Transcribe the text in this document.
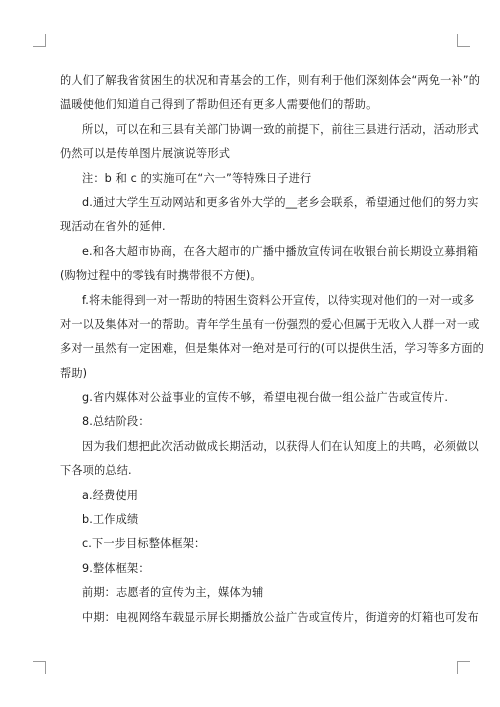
的人们了解我省贫困生的状况和青基会的工作，则有利于他们深刻体会“两免一补”的
温暖使他们知道自己得到了帮助但还有更多人需要他们的帮助。
所以，可以在和三县有关部门协调一致的前提下，前往三县进行活动，活动形式
仍然可以是传单图片展演说等形式
注：b 和 c 的实施可在“六一”等特殊日子进行
d.通过大学生互动网站和更多省外大学的__老乡会联系，希望通过他们的努力实
现活动在省外的延伸.
e.和各大超市协商，在各大超市的广播中播放宣传词在收银台前长期设立募捐箱
(购物过程中的零钱有时携带很不方便)。
f.将未能得到一对一帮助的特困生资料公开宣传，以待实现对他们的一对一或多
对一以及集体对一的帮助。青年学生虽有一份强烈的爱心但属于无收入人群一对一或
多对一虽然有一定困难，但是集体对一绝对是可行的(可以提供生活，学习等多方面的
帮助)
g.省内媒体对公益事业的宣传不够，希望电视台做一组公益广告或宣传片.
8.总结阶段：
因为我们想把此次活动做成长期活动，以获得人们在认知度上的共鸣，必须做以
下各项的总结.
a.经费使用
b.工作成绩
c.下一步目标整体框架：
9.整体框架：
前期：志愿者的宣传为主，媒体为辅
中期：电视网络车载显示屏长期播放公益广告或宣传片，街道旁的灯箱也可发布
